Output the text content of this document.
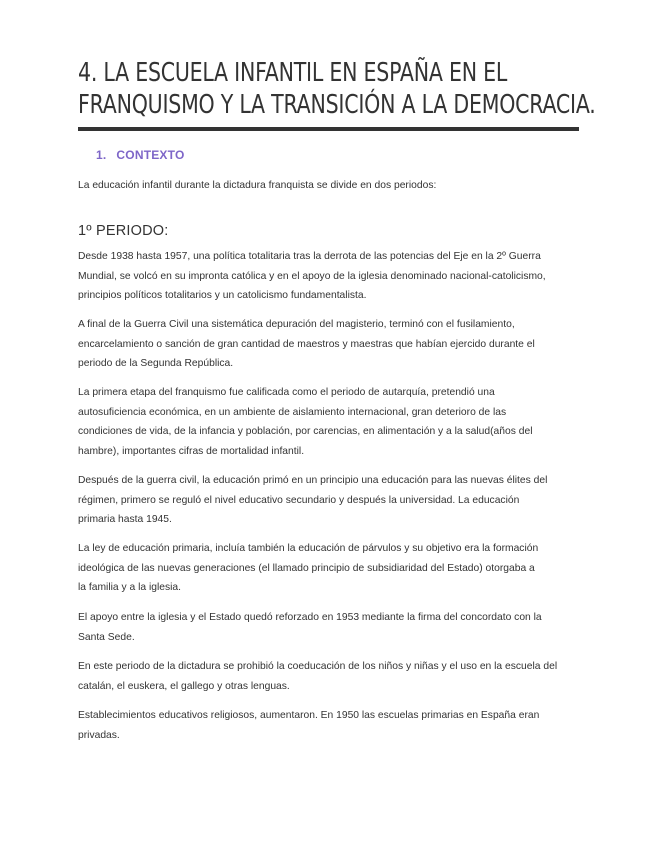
4. LA ESCUELA INFANTIL EN ESPAÑA EN EL
FRANQUISMO Y LA TRANSICIÓN A LA DEMOCRACIA.
1. CONTEXTO
La educación infantil durante la dictadura franquista se divide en dos periodos:
1º PERIODO:
Desde 1938 hasta 1957, una política totalitaria tras la derrota de las potencias del Eje en la 2º Guerra
Mundial, se volcó en su impronta católica y en el apoyo de la iglesia denominado nacional-catolicismo,
principios políticos totalitarios y un catolicismo fundamentalista.
A final de la Guerra Civil una sistemática depuración del magisterio, terminó con el fusilamiento,
encarcelamiento o sanción de gran cantidad de maestros y maestras que habían ejercido durante el
periodo de la Segunda República.
La primera etapa del franquismo fue calificada como el periodo de autarquía, pretendió una
autosuficiencia económica, en un ambiente de aislamiento internacional, gran deterioro de las
condiciones de vida, de la infancia y población, por carencias, en alimentación y a la salud(años del
hambre), importantes cifras de mortalidad infantil.
Después de la guerra civil, la educación primó en un principio una educación para las nuevas élites del
régimen, primero se reguló el nivel educativo secundario y después la universidad. La educación
primaria hasta 1945.
La ley de educación primaria, incluía también la educación de párvulos y su objetivo era la formación
ideológica de las nuevas generaciones (el llamado principio de subsidiaridad del Estado) otorgaba a
la familia y a la iglesia.
El apoyo entre la iglesia y el Estado quedó reforzado en 1953 mediante la firma del concordato con la
Santa Sede.
En este periodo de la dictadura se prohibió la coeducación de los niños y niñas y el uso en la escuela del
catalán, el euskera, el gallego y otras lenguas.
Establecimientos educativos religiosos, aumentaron. En 1950 las escuelas primarias en España eran
privadas.
